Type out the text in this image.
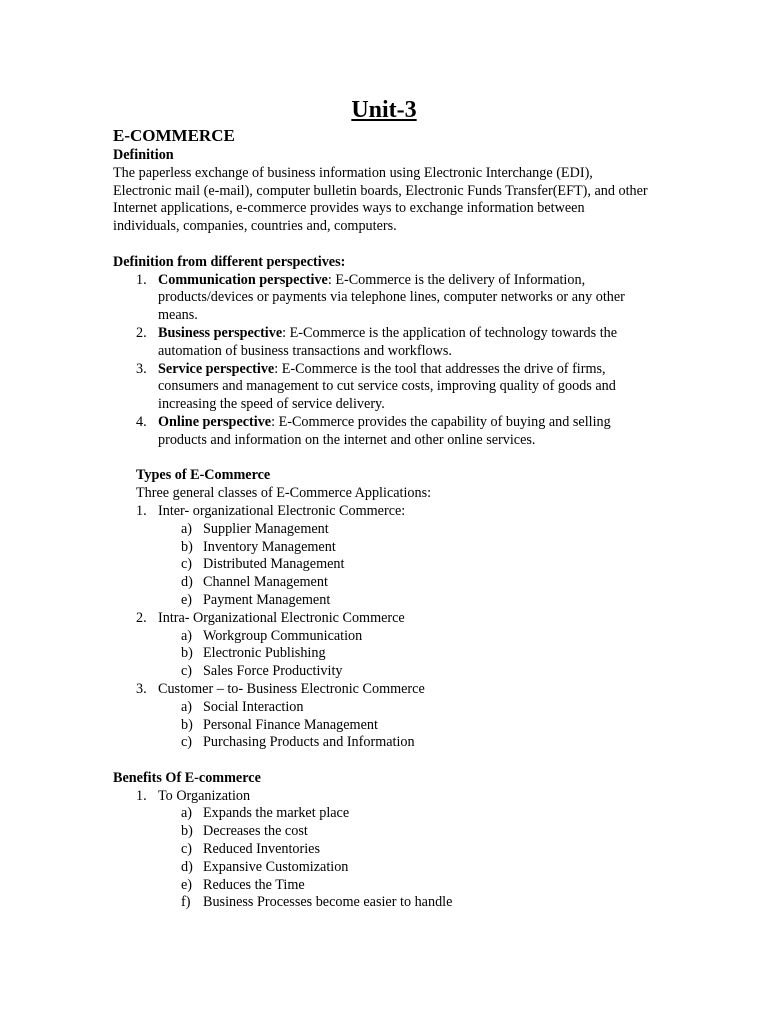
Unit-3
E-COMMERCE
Definition

The paperless exchange of business information using Electronic Interchange (EDI), Electronic mail (e-mail), computer bulletin boards, Electronic Funds Transfer(EFT), and other Internet applications, e-commerce provides ways to exchange information between individuals, companies, countries and, computers.

Definition from different perspectives:
1. Communication perspective: E-Commerce is the delivery of Information, products/devices or payments via telephone lines, computer networks or any other means.
2. Business perspective: E-Commerce is the application of technology towards the automation of business transactions and workflows.
3. Service perspective: E-Commerce is the tool that addresses the drive of firms, consumers and management to cut service costs, improving quality of goods and increasing the speed of service delivery.
4. Online perspective: E-Commerce provides the capability of buying and selling products and information on the internet and other online services.
Types of E-Commerce
Three general classes of E-Commerce Applications:
1. Inter- organizational Electronic Commerce:
a) Supplier Management
b) Inventory Management
c) Distributed Management
d) Channel Management
e) Payment Management
2. Intra- Organizational Electronic Commerce
a) Workgroup Communication
b) Electronic Publishing
c) Sales Force Productivity
3. Customer – to- Business Electronic Commerce
a) Social Interaction
b) Personal Finance Management
c) Purchasing Products and Information
Benefits Of E-commerce
1. To Organization
a) Expands the market place
b) Decreases the cost
c) Reduced Inventories
d) Expansive Customization
e) Reduces the Time
f) Business Processes become easier to handle
